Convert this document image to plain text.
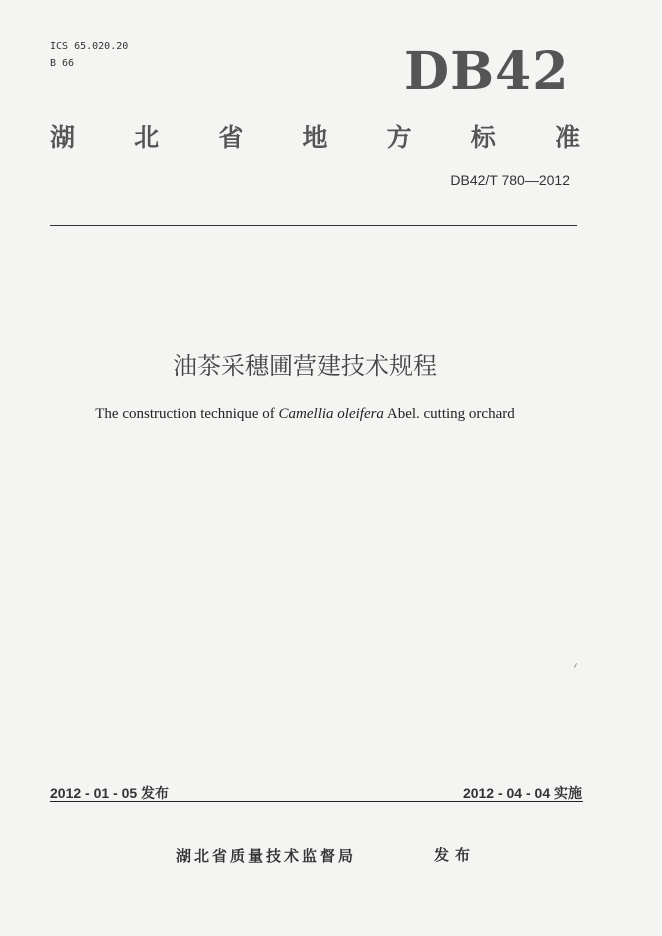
ICS 65.020.20
B 66	DB42
湖 北 省 地 方 标 准
DB42/T 780—2012
油茶采穗圃营建技术规程
The construction technique of Camellia oleifera Abel. cutting orchard
2012 - 01 - 05 发布	2012 - 04 - 04 实施
湖北省质量技术监督局	发布
